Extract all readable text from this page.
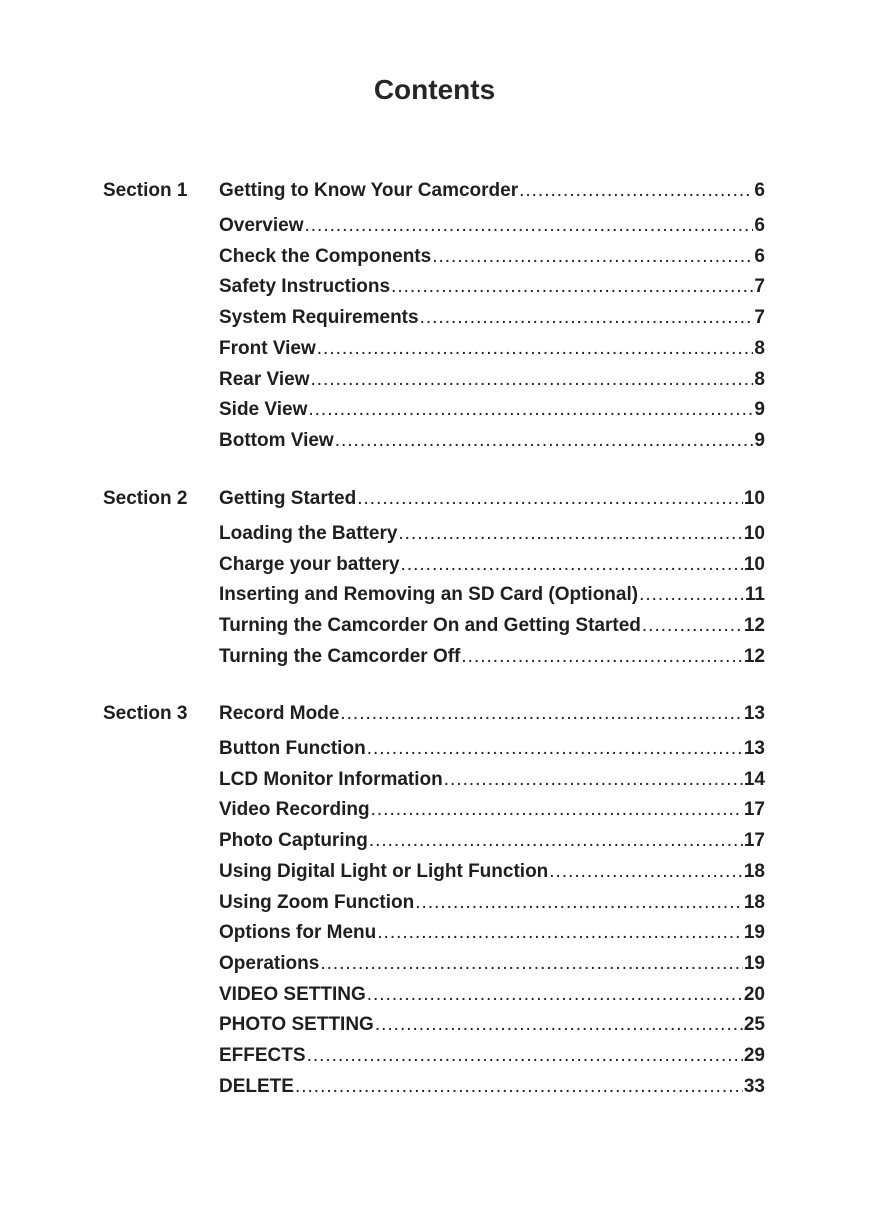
Contents
Section 1 Getting to Know Your Camcorder .....	6
Overview .....	6
Check the Components .....	6
Safety Instructions .....	7
System Requirements .....	7
Front View .....	8
Rear View .....	8
Side View .....	9
Bottom View .....	9
Section 2 Getting Started .....	10
Loading the Battery .....	10
Charge your battery .....	10
Inserting and Removing an SD Card (Optional) .....	11
Turning the Camcorder On and Getting Started .....	12
Turning the Camcorder Off .....	12
Section 3 Record Mode .....	13
Button Function .....	13
LCD Monitor Information .....	14
Video Recording .....	17
Photo Capturing .....	17
Using Digital Light or Light Function .....	18
Using Zoom Function .....	18
Options for Menu .....	19
Operations .....	19
VIDEO SETTING .....	20
PHOTO SETTING .....	25
EFFECTS .....	29
DELETE .....	33
